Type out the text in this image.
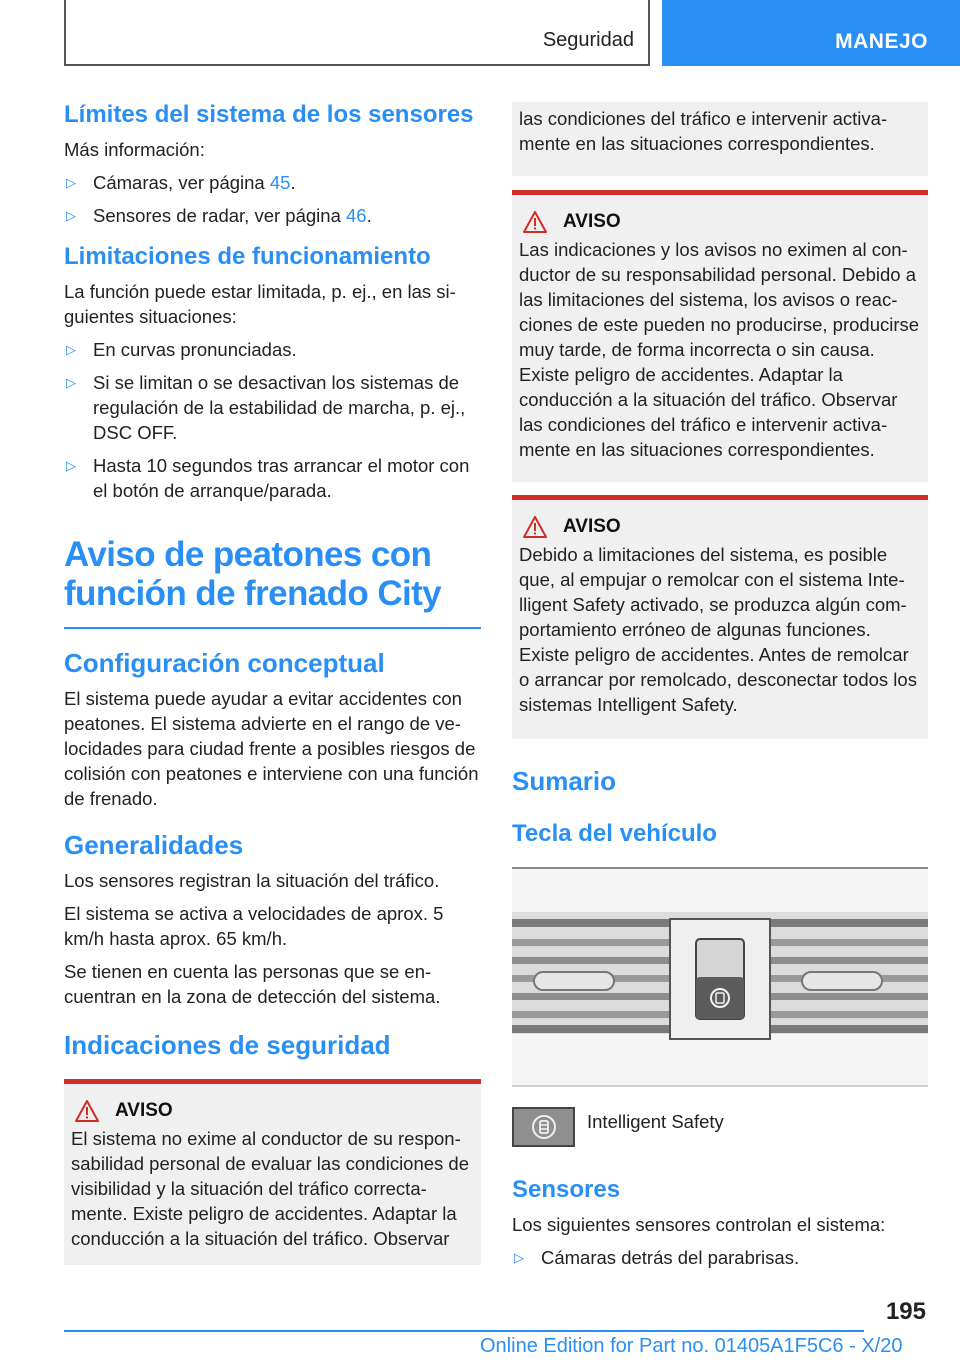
Seguridad	MANEJO
Límites del sistema de los sensores
Más información:
▷ Cámaras, ver página 45.
▷ Sensores de radar, ver página 46.
Limitaciones de funcionamiento
La función puede estar limitada, p. ej., en las siguientes situaciones:
▷ En curvas pronunciadas.
▷ Si se limitan o se desactivan los sistemas de regulación de la estabilidad de marcha, p. ej., DSC OFF.
▷ Hasta 10 segundos tras arrancar el motor con el botón de arranque/parada.
Aviso de peatones con función de frenado City
Configuración conceptual
El sistema puede ayudar a evitar accidentes con peatones. El sistema advierte en el rango de velocidades para ciudad frente a posibles riesgos de colisión con peatones e interviene con una función de frenado.
Generalidades
Los sensores registran la situación del tráfico.
El sistema se activa a velocidades de aprox. 5 km/h hasta aprox. 65 km/h.
Se tienen en cuenta las personas que se encuentran en la zona de detección del sistema.
Indicaciones de seguridad
AVISO
El sistema no exime al conductor de su responsabilidad personal de evaluar las condiciones de visibilidad y la situación del tráfico correctamente. Existe peligro de accidentes. Adaptar la conducción a la situación del tráfico. Observar
las condiciones del tráfico e intervenir activamente en las situaciones correspondientes.
AVISO
Las indicaciones y los avisos no eximen al conductor de su responsabilidad personal. Debido a las limitaciones del sistema, los avisos o reacciones de este pueden no producirse, producirse muy tarde, de forma incorrecta o sin causa. Existe peligro de accidentes. Adaptar la conducción a la situación del tráfico. Observar las condiciones del tráfico e intervenir activamente en las situaciones correspondientes.
AVISO
Debido a limitaciones del sistema, es posible que, al empujar o remolcar con el sistema Intelligent Safety activado, se produzca algún comportamiento erróneo de algunas funciones. Existe peligro de accidentes. Antes de remolcar o arrancar por remolcado, desconectar todos los sistemas Intelligent Safety.
Sumario
Tecla del vehículo
Intelligent Safety
Sensores
Los siguientes sensores controlan el sistema:
▷ Cámaras detrás del parabrisas.
195
Online Edition for Part no. 01405A1F5C6 - X/20
